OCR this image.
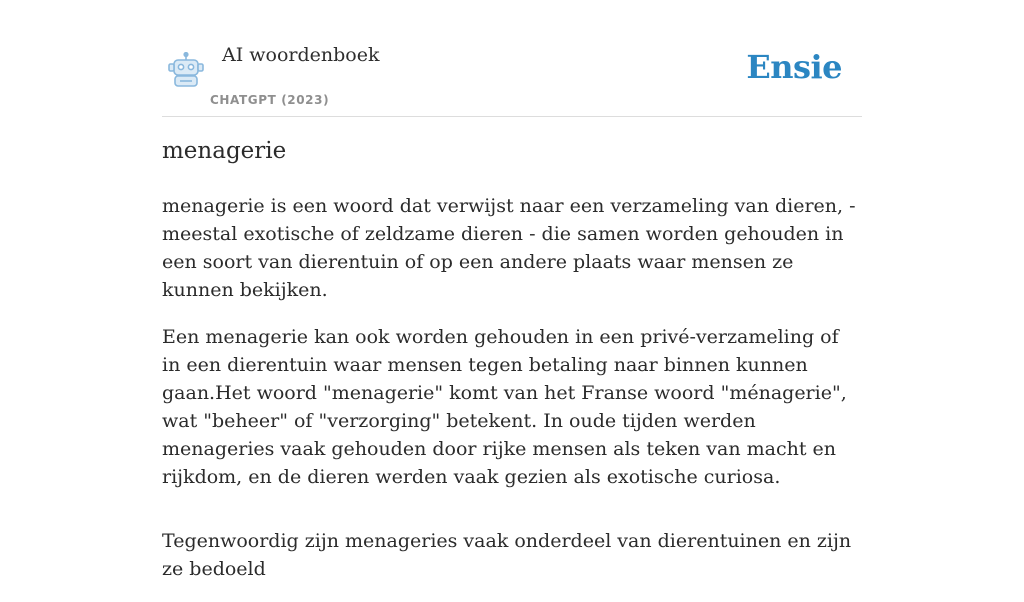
AI woordenboek
CHATGPT (2023)
Ensie
menagerie

menagerie is een woord dat verwijst naar een verzameling van dieren, - meestal exotische of zeldzame dieren - die samen worden gehouden in een soort van dierentuin of op een andere plaats waar mensen ze kunnen bekijken.

Een menagerie kan ook worden gehouden in een privé-verzameling of in een dierentuin waar mensen tegen betaling naar binnen kunnen gaan.Het woord "menagerie" komt van het Franse woord "ménagerie", wat "beheer" of "verzorging" betekent. In oude tijden werden menageries vaak gehouden door rijke mensen als teken van macht en rijkdom, en de dieren werden vaak gezien als exotische curiosa.

Tegenwoordig zijn menageries vaak onderdeel van dierentuinen en zijn ze bedoeld
